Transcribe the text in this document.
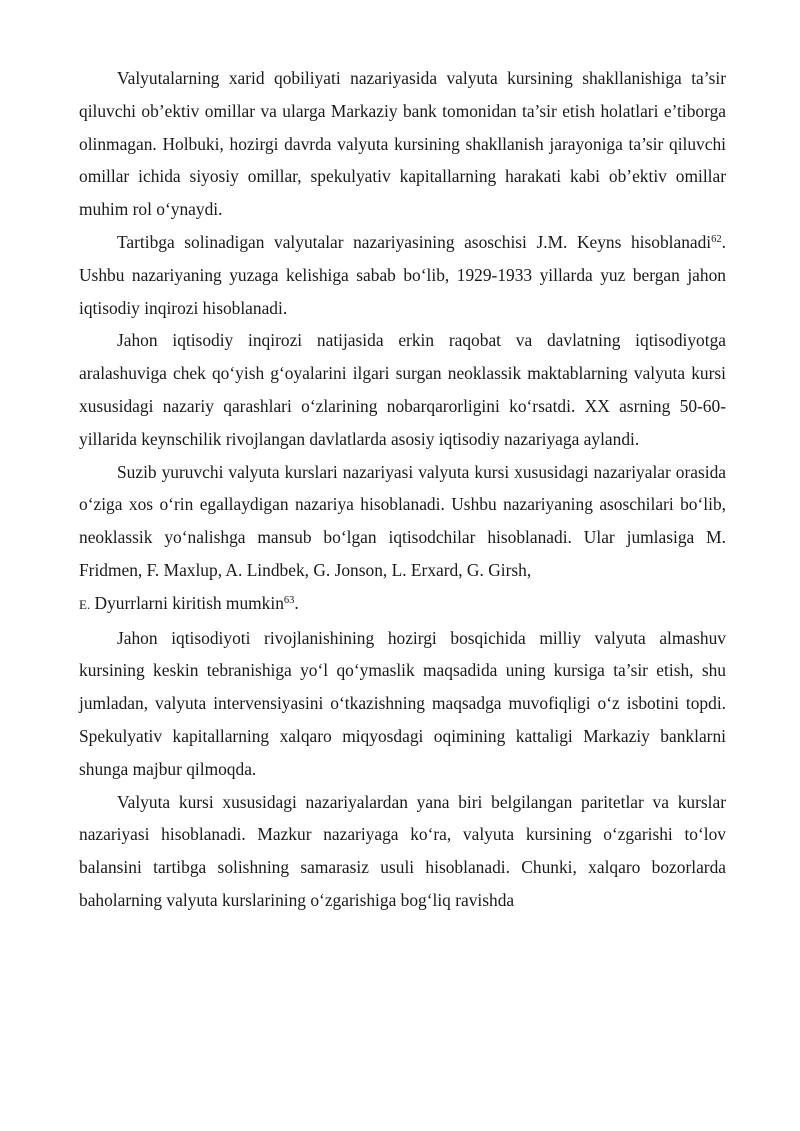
Valyutalarning xarid qobiliyati nazariyasida valyuta kursining shakllanishiga ta’sir qiluvchi ob’ektiv omillar va ularga Markaziy bank tomonidan ta’sir etish holatlari e’tiborga olinmagan. Holbuki, hozirgi davrda valyuta kursining shakllanish jarayoniga ta’sir qiluvchi omillar ichida siyosiy omillar, spekulyativ kapitallarning harakati kabi ob’ektiv omillar muhim rol o‘ynaydi.

Tartibga solinadigan valyutalar nazariyasining asoschisi J.M. Keyns hisoblanadi$^{62}$. Ushbu nazariyaning yuzaga kelishiga sabab bo‘lib, 1929-1933 yillarda yuz bergan jahon iqtisodiy inqirozi hisoblanadi.

Jahon iqtisodiy inqirozi natijasida erkin raqobat va davlatning iqtisodiyotga aralashuviga chek qo‘yish g‘oyalarini ilgari surgan neoklassik maktablarning valyuta kursi xususidagi nazariy qarashlari o‘zlarining nobarqarorligini ko‘rsatdi. XX asrning 50-60-yillarida keynschilik rivojlangan davlatlarda asosiy iqtisodiy nazariyaga aylandi.

Suzib yuruvchi valyuta kurslari nazariyasi valyuta kursi xususidagi nazariyalar orasida o‘ziga xos o‘rin egallaydigan nazariya hisoblanadi. Ushbu nazariyaning asoschilari bo‘lib, neoklassik yo‘nalishga mansub bo‘lgan iqtisodchilar hisoblanadi. Ular jumlasiga M. Fridmen, F. Maxlup, A. Lindbek, G. Jonson, L. Erxard, G. Girsh,
E. Dyurrlarni kiritish mumkin$^{63}$.

Jahon iqtisodiyoti rivojlanishining hozirgi bosqichida milliy valyuta almashuv kursining keskin tebranishiga yo‘l qo‘ymaslik maqsadida uning kursiga ta’sir etish, shu jumladan, valyuta intervensiyasini o‘tkazishning maqsadga muvofiqligi o‘z isbotini topdi. Spekulyativ kapitallarning xalqaro miqyosdagi oqimining kattaligi Markaziy banklarni shunga majbur qilmoqda.

Valyuta kursi xususidagi nazariyalardan yana biri belgilangan paritetlar va kurslar nazariyasi hisoblanadi. Mazkur nazariyaga ko‘ra, valyuta kursining o‘zgarishi to‘lov balansini tartibga solishning samarasiz usuli hisoblanadi. Chunki, xalqaro bozorlarda baholarning valyuta kurslarining o‘zgarishiga bog‘liq ravishda
